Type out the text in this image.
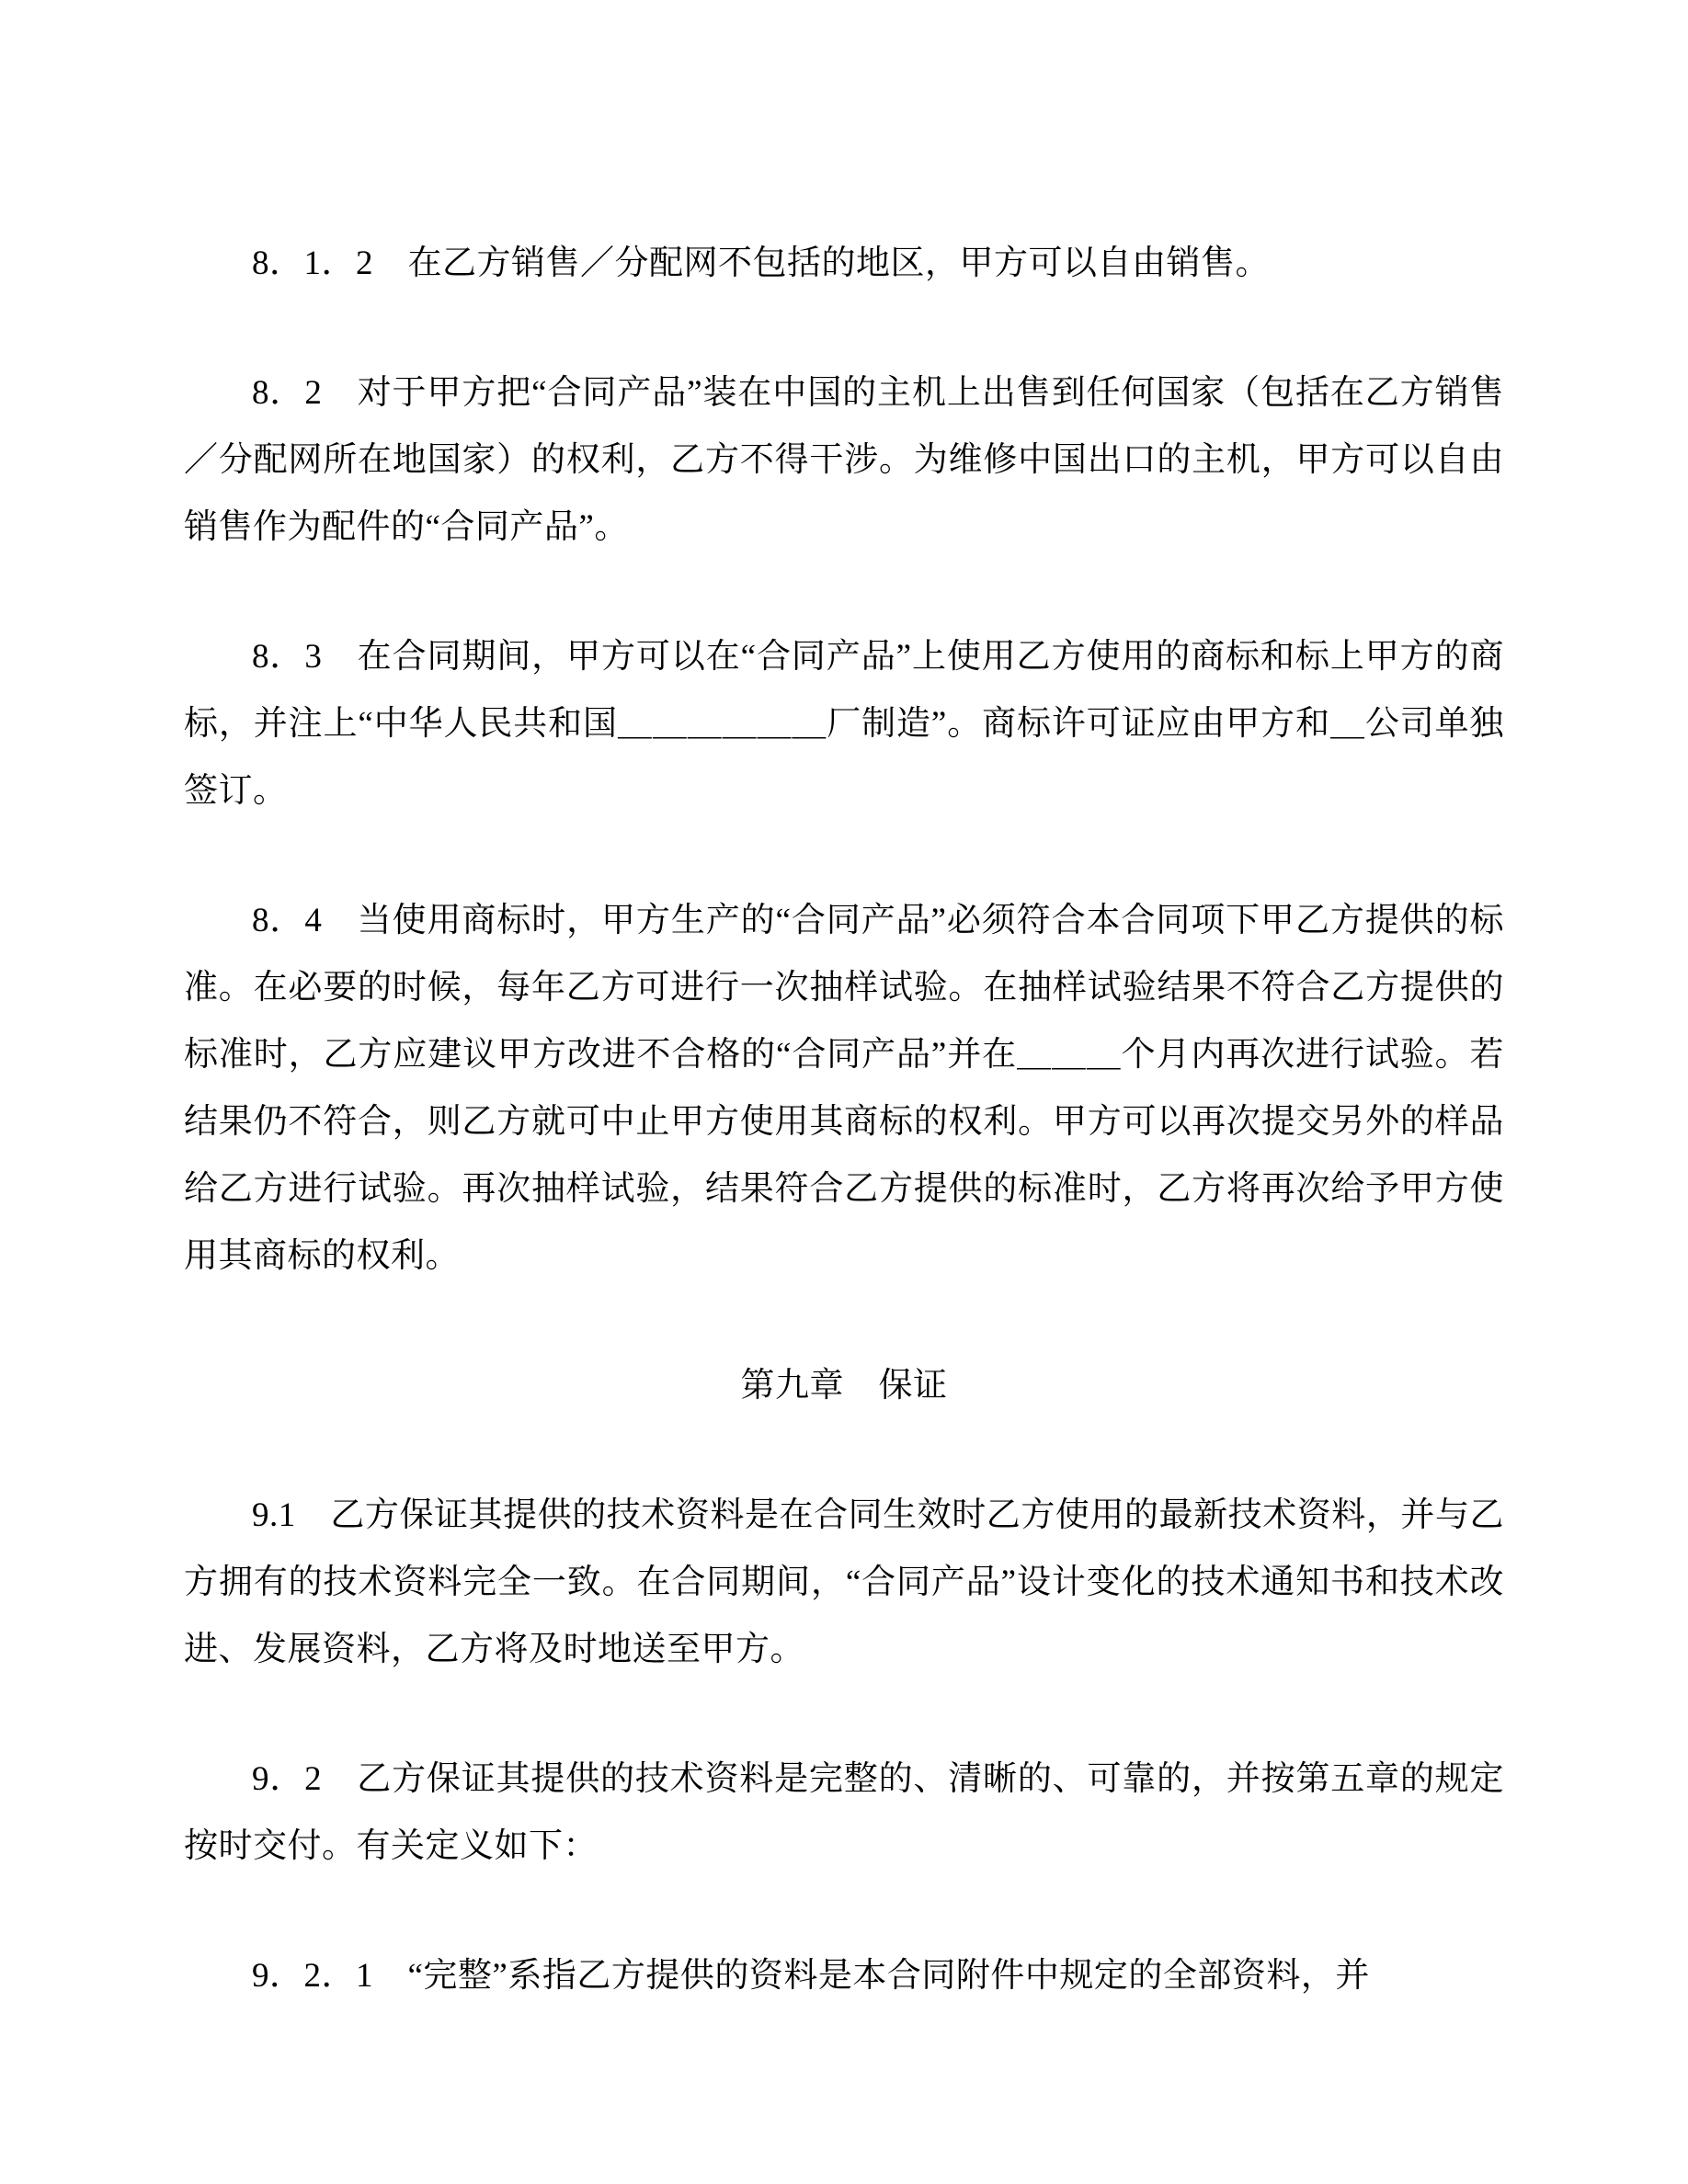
8．1．2　在乙方销售／分配网不包括的地区，甲方可以自由销售。

8．2　对于甲方把“合同产品”装在中国的主机上出售到任何国家（包括在乙方销售／分配网所在地国家）的权利，乙方不得干涉。为维修中国出口的主机，甲方可以自由销售作为配件的“合同产品”。

8．3　在合同期间，甲方可以在“合同产品”上使用乙方使用的商标和标上甲方的商标，并注上“中华人民共和国＿＿＿＿＿＿厂制造”。商标许可证应由甲方和＿公司单独签订。

8．4　当使用商标时，甲方生产的“合同产品”必须符合本合同项下甲乙方提供的标准。在必要的时候，每年乙方可进行一次抽样试验。在抽样试验结果不符合乙方提供的标准时，乙方应建议甲方改进不合格的“合同产品”并在＿＿＿个月内再次进行试验。若结果仍不符合，则乙方就可中止甲方使用其商标的权利。甲方可以再次提交另外的样品给乙方进行试验。再次抽样试验，结果符合乙方提供的标准时，乙方将再次给予甲方使用其商标的权利。

第九章　保证

9.1　乙方保证其提供的技术资料是在合同生效时乙方使用的最新技术资料，并与乙方拥有的技术资料完全一致。在合同期间，“合同产品”设计变化的技术通知书和技术改进、发展资料，乙方将及时地送至甲方。

9．2　乙方保证其提供的技术资料是完整的、清晰的、可靠的，并按第五章的规定按时交付。有关定义如下：

9．2．1　“完整”系指乙方提供的资料是本合同附件中规定的全部资料，并
